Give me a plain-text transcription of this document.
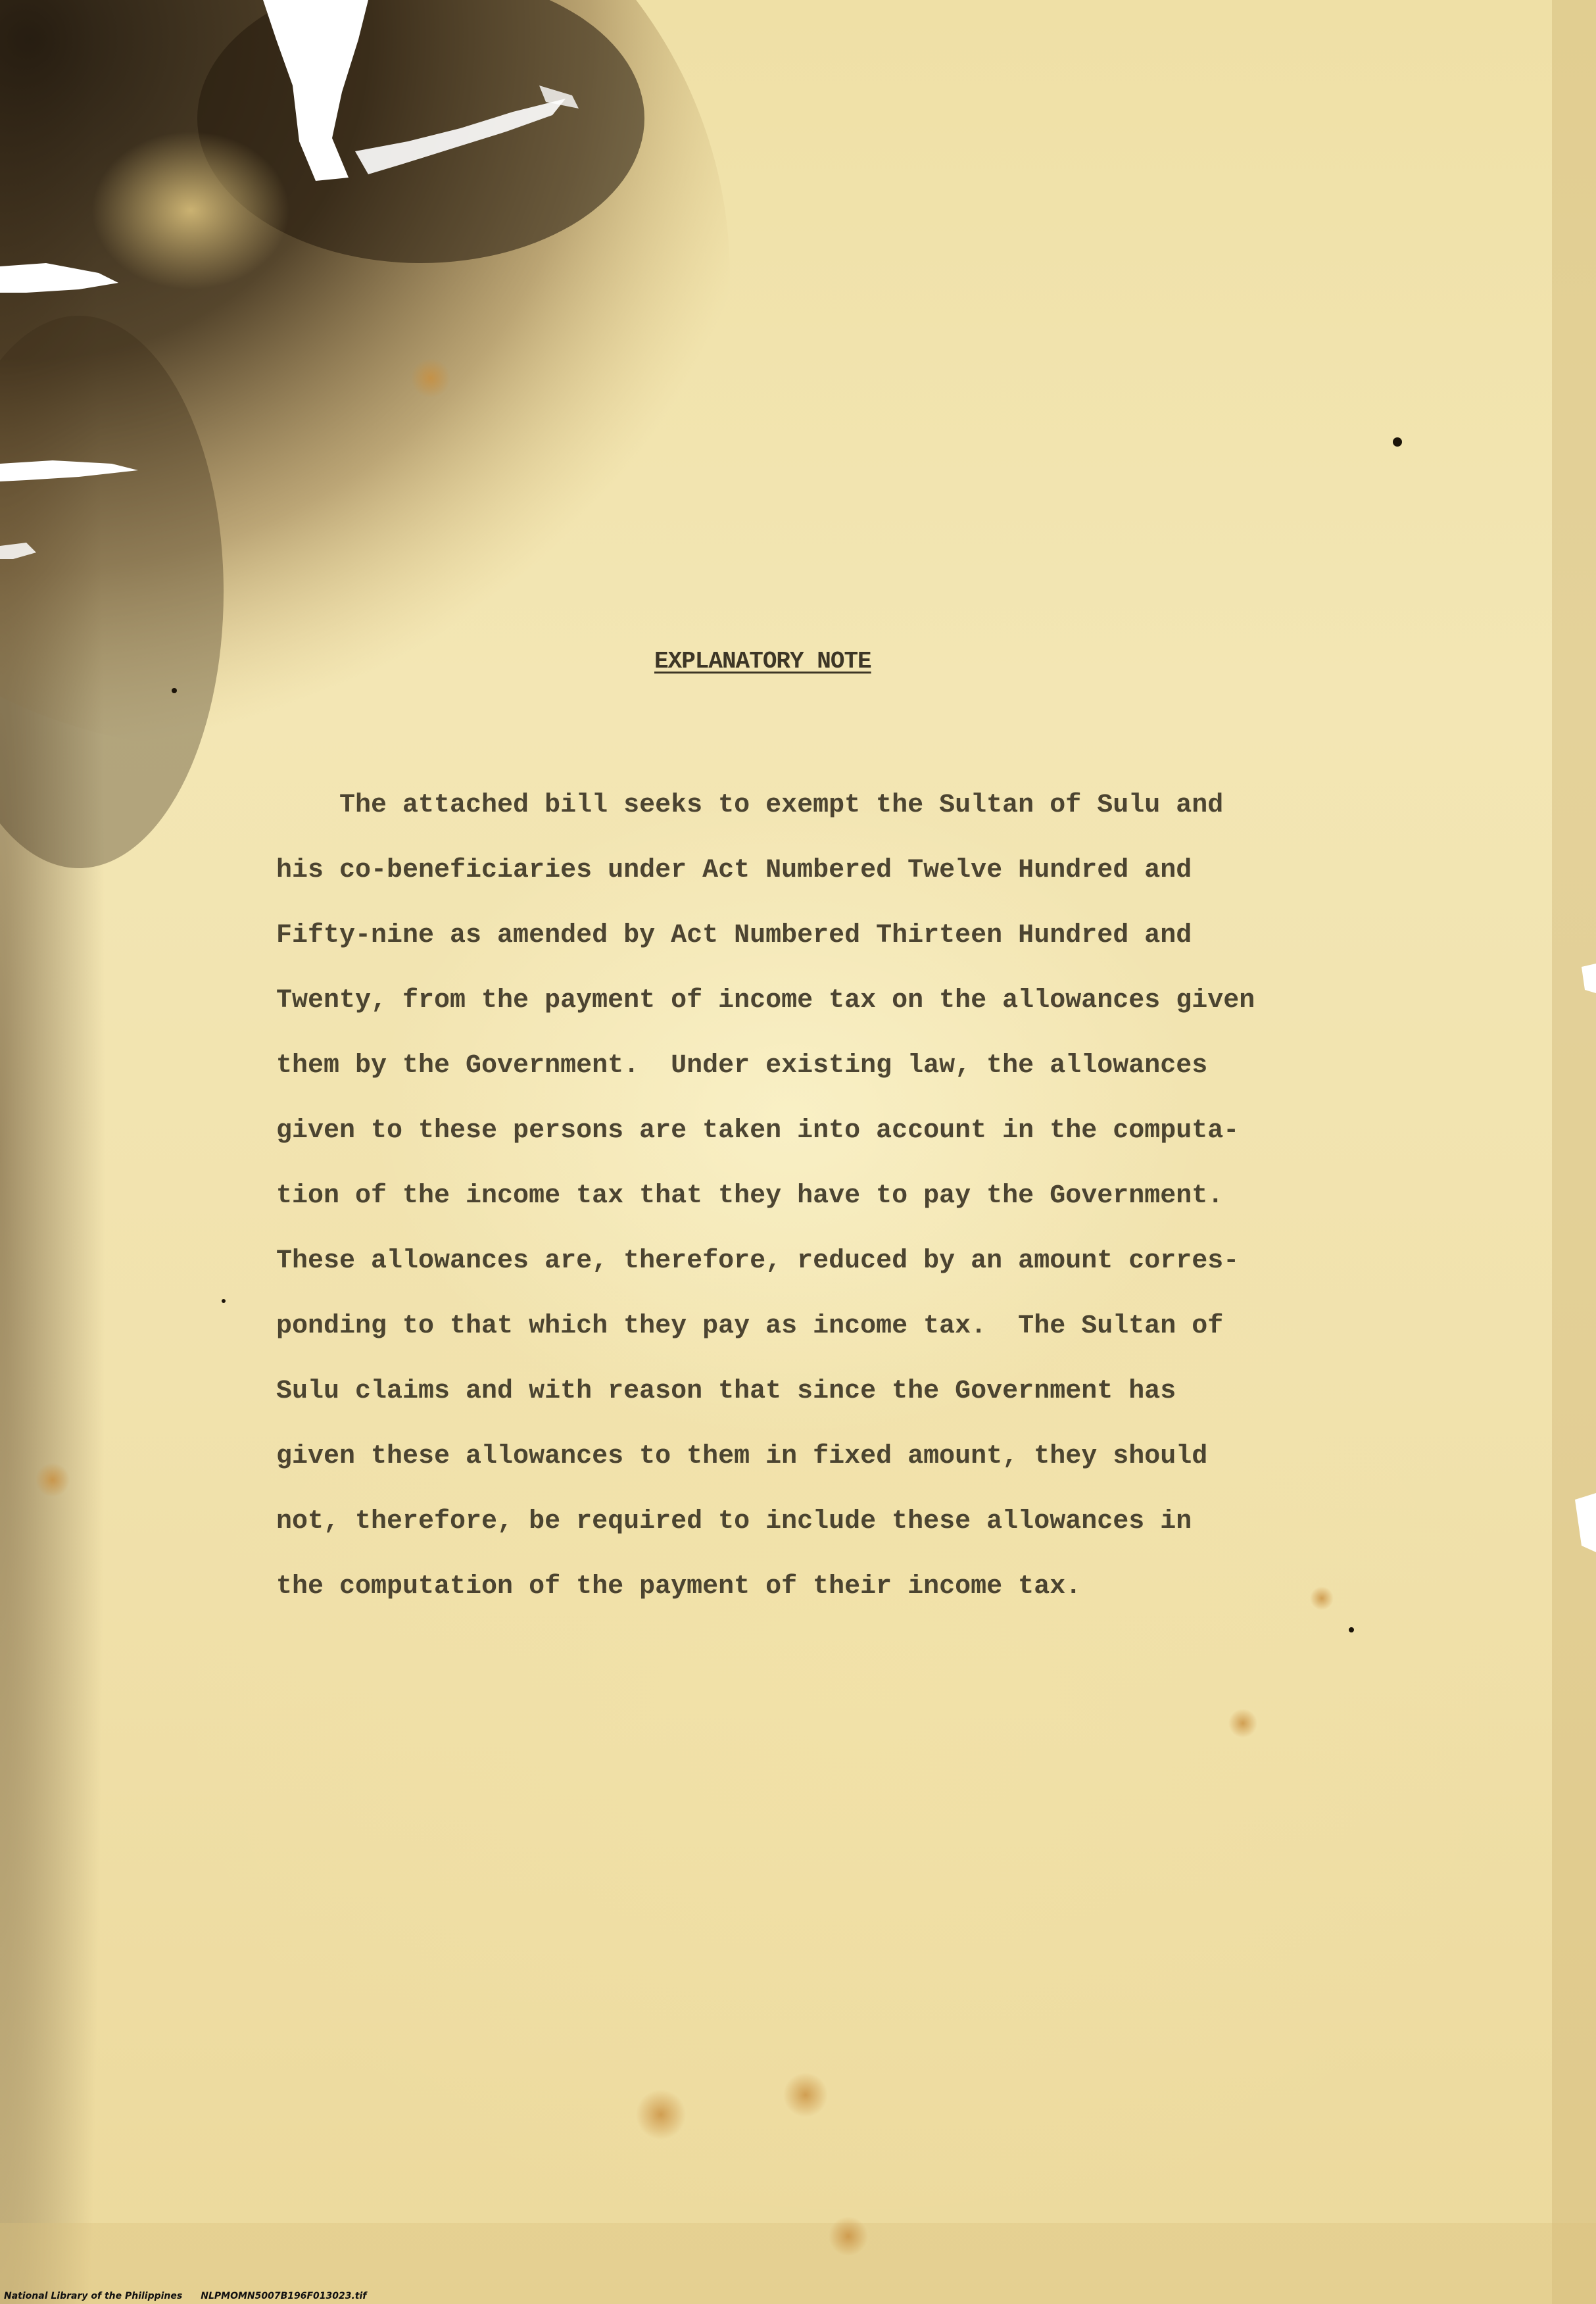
EXPLANATORY NOTE
The attached bill seeks to exempt the Sultan of Sulu and
his co-beneficiaries under Act Numbered Twelve Hundred and
Fifty-nine as amended by Act Numbered Thirteen Hundred and
Twenty, from the payment of income tax on the allowances given
them by the Government.  Under existing law, the allowances
given to these persons are taken into account in the computa-
tion of the income tax that they have to pay the Government.
These allowances are, therefore, reduced by an amount corres-
ponding to that which they pay as income tax.  The Sultan of
Sulu claims and with reason that since the Government has
given these allowances to them in fixed amount, they should
not, therefore, be required to include these allowances in
the computation of the payment of their income tax.
National Library of the Philippines NLPMOMN5007B196F013023.tif
